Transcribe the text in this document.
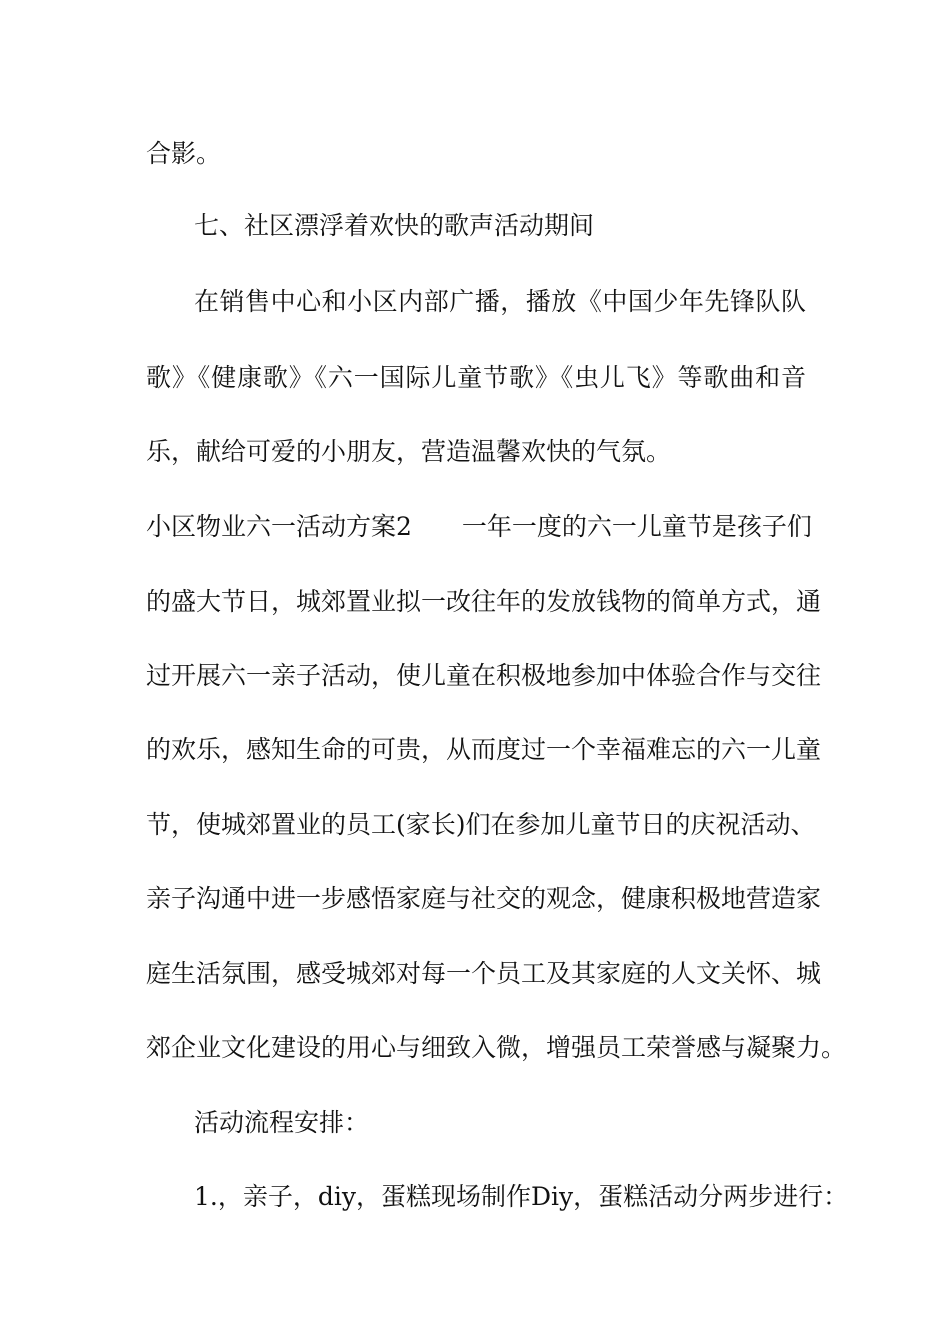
合影。
七、社区漂浮着欢快的歌声活动期间
在销售中心和小区内部广播，播放《中国少年先锋队队
歌》《健康歌》《六一国际儿童节歌》《虫儿飞》等歌曲和音
乐，献给可爱的小朋友，营造温馨欢快的气氛。
小区物业六一活动方案2　　一年一度的六一儿童节是孩子们
的盛大节日，城郊置业拟一改往年的发放钱物的简单方式，通
过开展六一亲子活动，使儿童在积极地参加中体验合作与交往
的欢乐，感知生命的可贵，从而度过一个幸福难忘的六一儿童
节，使城郊置业的员工(家长)们在参加儿童节日的庆祝活动、
亲子沟通中进一步感悟家庭与社交的观念，健康积极地营造家
庭生活氛围，感受城郊对每一个员工及其家庭的人文关怀、城
郊企业文化建设的用心与细致入微，增强员工荣誉感与凝聚力。
活动流程安排：
1.，亲子，diy，蛋糕现场制作Diy，蛋糕活动分两步进行：
